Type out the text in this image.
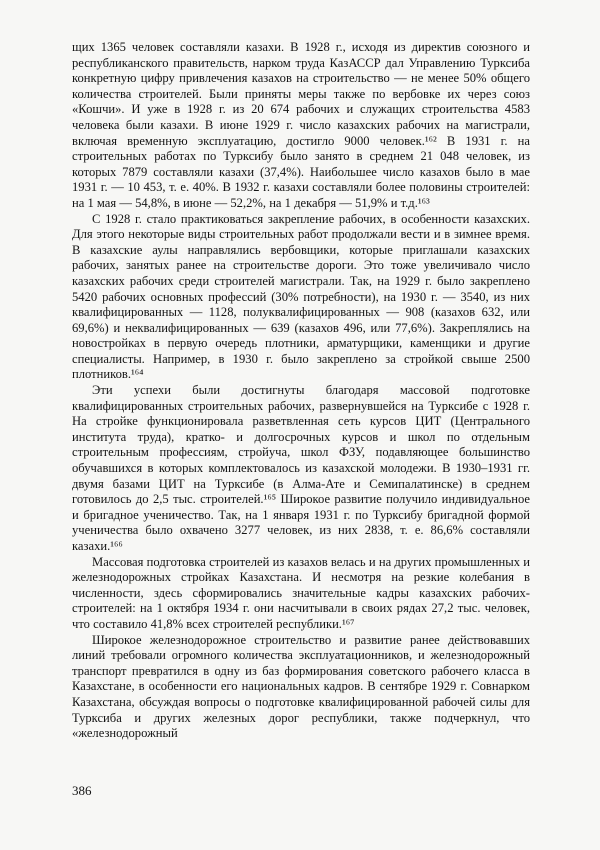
щих 1365 человек составляли казахи. В 1928 г., исходя из директив союзного и республиканского правительств, нарком труда КазАССР дал Управлению Турксиба конкретную цифру привлечения казахов на строительство — не менее 50% общего количества строителей. Были приняты меры также по вербовке их через союз «Кошчи». И уже в 1928 г. из 20 674 рабочих и служащих строительства 4583 человека были казахи. В июне 1929 г. число казахских рабочих на магистрали, включая временную эксплуатацию, достигло 9000 человек.¹⁶² В 1931 г. на строительных работах по Турксибу было занято в среднем 21 048 человек, из которых 7879 составляли казахи (37,4%). Наибольшее число казахов было в мае 1931 г. — 10 453, т. е. 40%. В 1932 г. казахи составляли более половины строителей: на 1 мая — 54,8%, в июне — 52,2%, на 1 декабря — 51,9% и т.д.¹⁶³

С 1928 г. стало практиковаться закрепление рабочих, в особенности казахских. Для этого некоторые виды строительных работ продолжали вести и в зимнее время. В казахские аулы направлялись вербовщики, которые приглашали казахских рабочих, занятых ранее на строительстве дороги. Это тоже увеличивало число казахских рабочих среди строителей магистрали. Так, на 1929 г. было закреплено 5420 рабочих основных профессий (30% потребности), на 1930 г. — 3540, из них квалифицированных — 1128, полуквалифицированных — 908 (казахов 632, или 69,6%) и неквалифицированных — 639 (казахов 496, или 77,6%). Закреплялись на новостройках в первую очередь плотники, арматурщики, каменщики и другие специалисты. Например, в 1930 г. было закреплено за стройкой свыше 2500 плотников.¹⁶⁴

Эти успехи были достигнуты благодаря массовой подготовке квалифицированных строительных рабочих, развернувшейся на Турксибе с 1928 г. На стройке функционировала разветвленная сеть курсов ЦИТ (Центрального института труда), кратко- и долгосрочных курсов и школ по отдельным строительным профессиям, стройуча, школ ФЗУ, подавляющее большинство обучавшихся в которых комплектовалось из казахской молодежи. В 1930–1931 гг. двумя базами ЦИТ на Турксибе (в Алма-Ате и Семипалатинске) в среднем готовилось до 2,5 тыс. строителей.¹⁶⁵ Широкое развитие получило индивидуальное и бригадное ученичество. Так, на 1 января 1931 г. по Турксибу бригадной формой ученичества было охвачено 3277 человек, из них 2838, т. е. 86,6% составляли казахи.¹⁶⁶

Массовая подготовка строителей из казахов велась и на других промышленных и железнодорожных стройках Казахстана. И несмотря на резкие колебания в численности, здесь сформировались значительные кадры казахских рабочих-строителей: на 1 октября 1934 г. они насчитывали в своих рядах 27,2 тыс. человек, что составило 41,8% всех строителей республики.¹⁶⁷

Широкое железнодорожное строительство и развитие ранее действовавших линий требовали огромного количества эксплуатационников, и железнодорожный транспорт превратился в одну из баз формирования советского рабочего класса в Казахстане, в особенности его национальных кадров. В сентябре 1929 г. Совнарком Казахстана, обсуждая вопросы о подготовке квалифицированной рабочей силы для Турксиба и других железных дорог республики, также подчеркнул, что «железнодорожный

386
